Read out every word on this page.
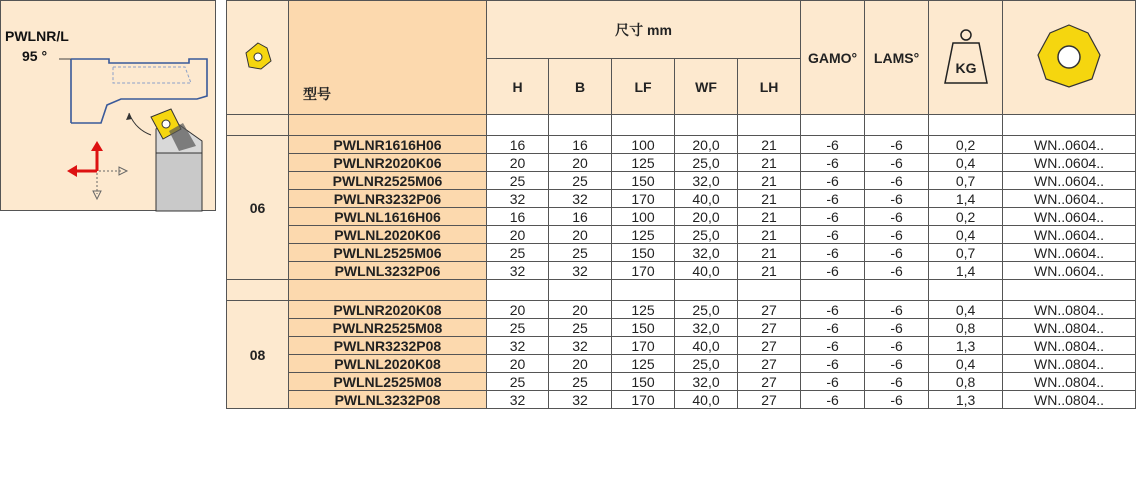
PWLNR/L
95 °
	型号	尺寸 mm					GAMO°	LAMS°	KG

		H	B	LF	WF	LH				

06	PWLNR1616H06	16	16	100	20,0	21	-6	-6	0,2	WN..0604..
	PWLNR2020K06	20	20	125	25,0	21	-6	-6	0,4	WN..0604..
	PWLNR2525M06	25	25	150	32,0	21	-6	-6	0,7	WN..0604..
	PWLNR3232P06	32	32	170	40,0	21	-6	-6	1,4	WN..0604..
	PWLNL1616H06	16	16	100	20,0	21	-6	-6	0,2	WN..0604..
	PWLNL2020K06	20	20	125	25,0	21	-6	-6	0,4	WN..0604..
	PWLNL2525M06	25	25	150	32,0	21	-6	-6	0,7	WN..0604..
	PWLNL3232P06	32	32	170	40,0	21	-6	-6	1,4	WN..0604..

08	PWLNR2020K08	20	20	125	25,0	27	-6	-6	0,4	WN..0804..
	PWLNR2525M08	25	25	150	32,0	27	-6	-6	0,8	WN..0804..
	PWLNR3232P08	32	32	170	40,0	27	-6	-6	1,3	WN..0804..
	PWLNL2020K08	20	20	125	25,0	27	-6	-6	0,4	WN..0804..
	PWLNL2525M08	25	25	150	32,0	27	-6	-6	0,8	WN..0804..
	PWLNL3232P08	32	32	170	40,0	27	-6	-6	1,3	WN..0804..
